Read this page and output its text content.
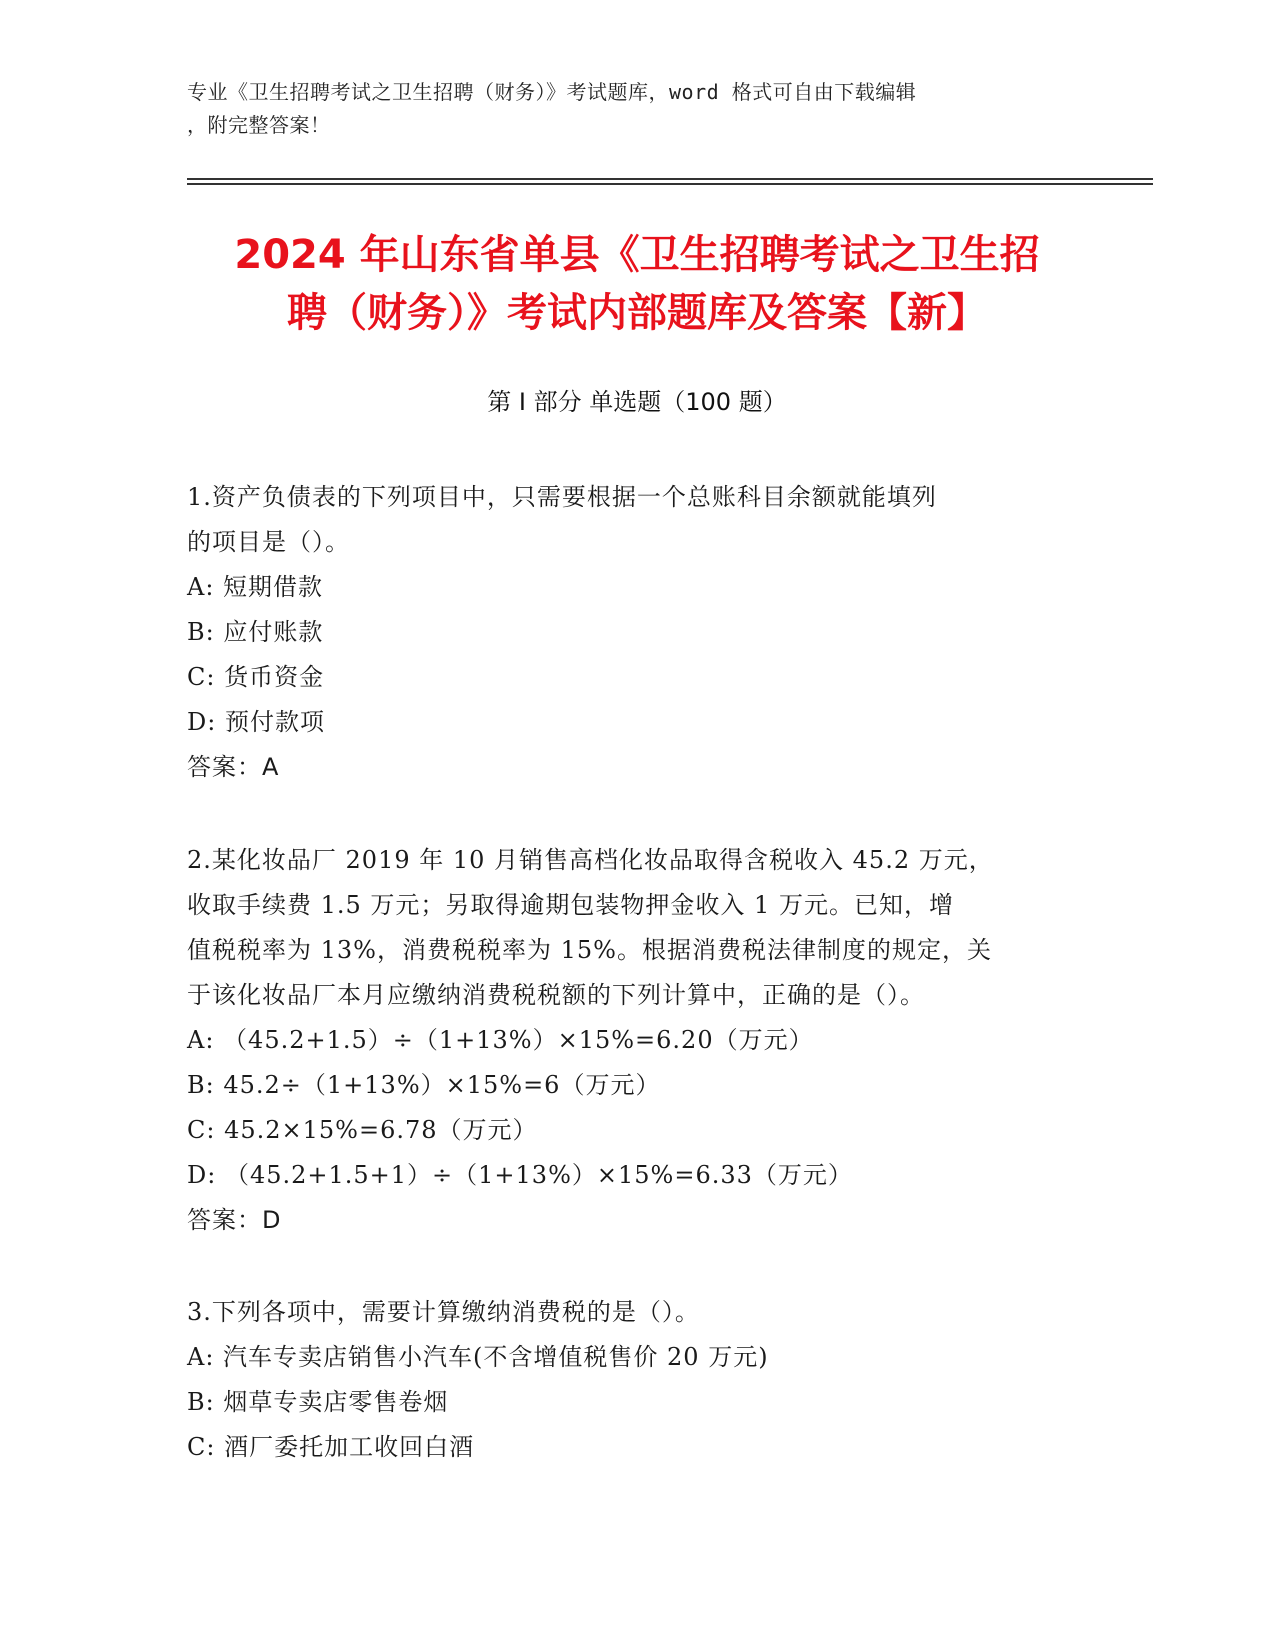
专业《卫生招聘考试之卫生招聘（财务）》考试题库，word 格式可自由下载编辑
，附完整答案！
2024 年山东省单县《卫生招聘考试之卫生招
聘（财务）》考试内部题库及答案【新】
第 I 部分 单选题（100 题）
1.资产负债表的下列项目中，只需要根据一个总账科目余额就能填列
的项目是（）。
A: 短期借款
B: 应付账款
C: 货币资金
D: 预付款项
答案：A
2.某化妆品厂 2019 年 10 月销售高档化妆品取得含税收入 45.2 万元，
收取手续费 1.5 万元；另取得逾期包装物押金收入 1 万元。已知，增
值税税率为 13%，消费税税率为 15%。根据消费税法律制度的规定，关
于该化妆品厂本月应缴纳消费税税额的下列计算中，正确的是（）。
A: （45.2+1.5）÷（1+13%）×15%=6.20（万元）
B: 45.2÷（1+13%）×15%=6（万元）
C: 45.2×15%=6.78（万元）
D: （45.2+1.5+1）÷（1+13%）×15%=6.33（万元）
答案：D
3.下列各项中，需要计算缴纳消费税的是（）。
A: 汽车专卖店销售小汽车(不含增值税售价 20 万元)
B: 烟草专卖店零售卷烟
C: 酒厂委托加工收回白酒
